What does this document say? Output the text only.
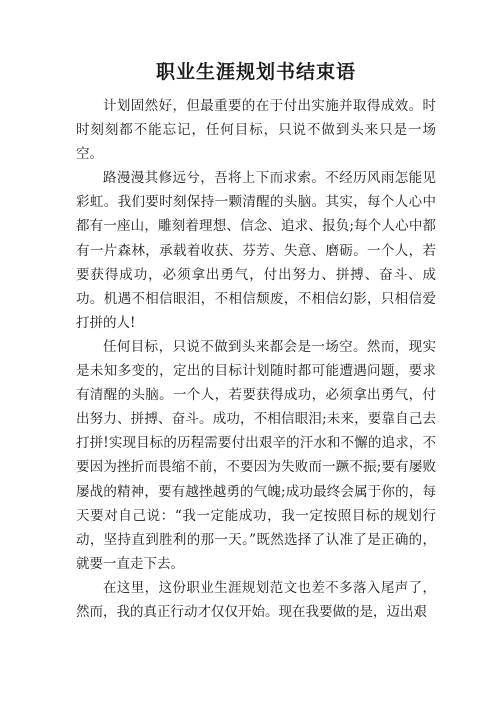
职业生涯规划书结束语

计划固然好，但最重要的在于付出实施并取得成效。时时刻刻都不能忘记，任何目标，只说不做到头来只是一场空。

路漫漫其修远兮，吾将上下而求索。不经历风雨怎能见彩虹。我们要时刻保持一颗清醒的头脑。其实，每个人心中都有一座山，雕刻着理想、信念、追求、报负;每个人心中都有一片森林，承载着收获、芬芳、失意、磨砺。一个人，若要获得成功，必须拿出勇气，付出努力、拼搏、奋斗、成功。机遇不相信眼泪，不相信颓废，不相信幻影，只相信爱打拼的人!

任何目标，只说不做到头来都会是一场空。然而，现实是未知多变的，定出的目标计划随时都可能遭遇问题，要求有清醒的头脑。一个人，若要获得成功，必须拿出勇气，付出努力、拼搏、奋斗。成功，不相信眼泪;未来，要靠自己去打拼!实现目标的历程需要付出艰辛的汗水和不懈的追求，不要因为挫折而畏缩不前，不要因为失败而一蹶不振;要有屡败屡战的精神，要有越挫越勇的气魄;成功最终会属于你的，每天要对自己说：“我一定能成功，我一定按照目标的规划行动，坚持直到胜利的那一天。”既然选择了认准了是正确的，就要一直走下去。

在这里，这份职业生涯规划范文也差不多落入尾声了，然而，我的真正行动才仅仅开始。现在我要做的是，迈出艰
